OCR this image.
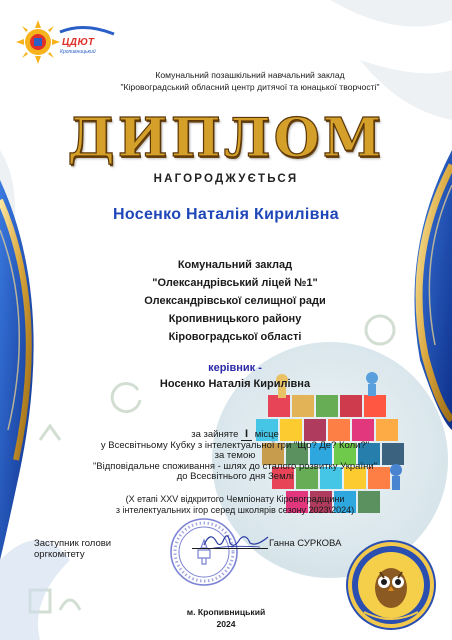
ЦДЮТ
Кропивницький
Комунальний позашкільний навчальний заклад
"Кіровоградський обласний центр дитячої та юнацької творчості"
ДИПЛОМ
НАГОРОДЖУЄТЬСЯ
Носенко Наталія Кирилівна
Комунальний заклад
"Олександрівський ліцей №1"
Олександрівської селищної ради
Кропивницького району
Кіровоградської області
керівник -
Носенко Наталія Кирилівна
за зайняте I місце
у Всесвітньому Кубку з інтелектуальної гри "Що? Де? Коли?"
за темою
"Відповідальне споживання - шлях до сталого розвитку України"
до Всесвітнього дня Землі
(Х етапі ХХV відкритого Чемпіонату Кіровоградщини
з інтелектуальних ігор серед школярів сезону 2023\2024)
Заступник голови
оргкомітету
Ганна СУРКОВА
м. Кропивницький
2024
